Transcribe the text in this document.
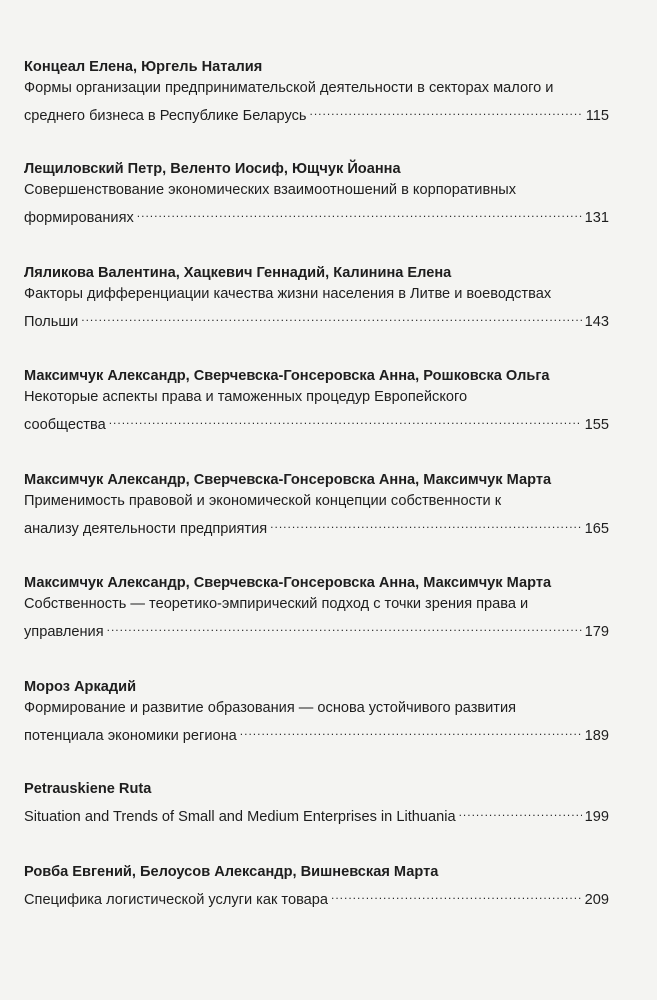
Концеал Елена, Юргель Наталия
Формы организации предпринимательской деятельности в секторах малого и
среднего бизнеса в Республике Беларусь .....	115
Лещиловский Петр, Веленто Иосиф, Ющчук Йоанна
Совершенствование экономических взаимоотношений в корпоративных
формированиях .....	131
Ляликова Валентина, Хацкевич Геннадий, Калинина Елена
Факторы дифференциации качества жизни населения в Литве и воеводствах
Польши .....	143
Максимчук Александр, Сверчевска-Гонсеровска Анна, Рошковска Ольга
Некоторые аспекты права и таможенных процедур Европейского
сообщества .....	155
Максимчук Александр, Сверчевска-Гонсеровска Анна, Максимчук Марта
Применимость правовой и экономической концепции собственности к
анализу деятельности предприятия .....	165
Максимчук Александр, Сверчевска-Гонсеровска Анна, Максимчук Марта
Собственность — теоретико-эмпирический подход с точки зрения права и
управления .....	179
Мороз Аркадий
Формирование и развитие образования — основа устойчивого развития
потенциала экономики региона .....	189
Petrauskiene Ruta
Situation and Trends of Small and Medium Enterprises in Lithuania .....	199
Ровба Евгений, Белоусов Александр, Вишневская Марта
Специфика логистической услуги как товара .....	209
